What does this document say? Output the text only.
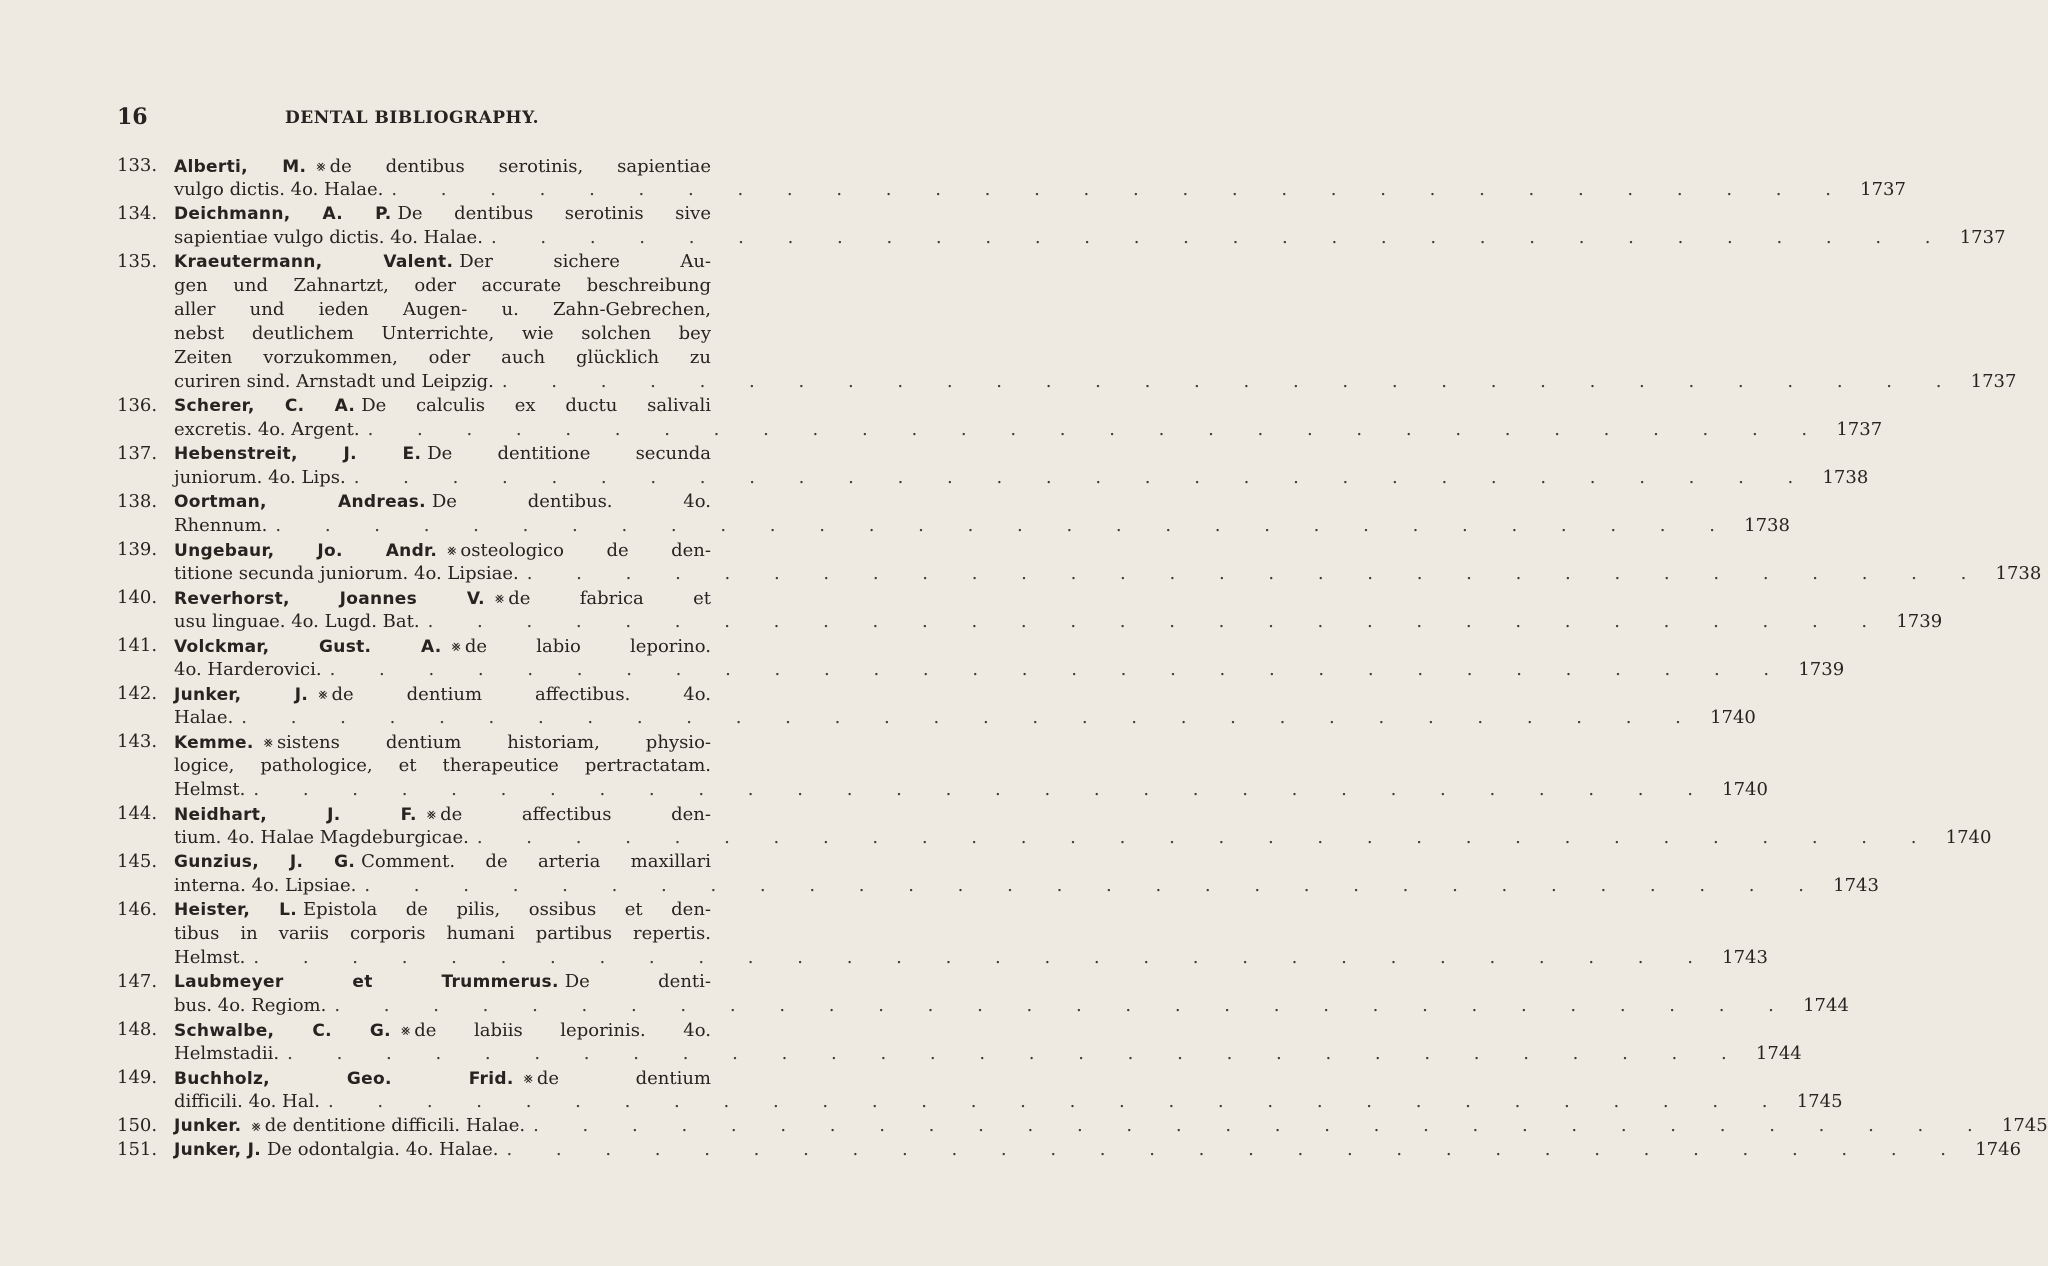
16	DENTAL BIBLIOGRAPHY.
133. Alberti, M. ⨳ de dentibus serotinis, sapientiae
vulgo dictis. 4o. Halae. . . . . . . . . . . . . . . . . . . . . . . . . . . . . . . 1737
134. Deichmann, A. P. De dentibus serotinis sive
sapientiae vulgo dictis. 4o. Halae. . . . . . . . . . . . . . . . . . . . . . . . . . . . . . . 1737
135. Kraeutermann, Valent. Der sichere Au-
gen und Zahnartzt, oder accurate beschreibung
aller und ieden Augen- u. Zahn-Gebrechen,
nebst deutlichem Unterrichte, wie solchen bey
Zeiten vorzukommen, oder auch glücklich zu
curiren sind. Arnstadt und Leipzig. . . . . . . . . . . . . . . . . . . . . . . . . . . . . . . 1737
136. Scherer, C. A. De calculis ex ductu salivali
excretis. 4o. Argent. . . . . . . . . . . . . . . . . . . . . . . . . . . . . . . 1737
137. Hebenstreit, J. E. De dentitione secunda
juniorum. 4o. Lips. . . . . . . . . . . . . . . . . . . . . . . . . . . . . . . 1738
138. Oortman, Andreas. De dentibus. 4o.
Rhennum. . . . . . . . . . . . . . . . . . . . . . . . . . . . . . . 1738
139. Ungebaur, Jo. Andr. ⨳ osteologico de den-
titione secunda juniorum. 4o. Lipsiae. . . . . . . . . . . . . . . . . . . . . . . . . . . . . . . 1738
140. Reverhorst, Joannes V. ⨳ de fabrica et
usu linguae. 4o. Lugd. Bat. . . . . . . . . . . . . . . . . . . . . . . . . . . . . . . 1739
141. Volckmar, Gust. A. ⨳ de labio leporino.
4o. Harderovici. . . . . . . . . . . . . . . . . . . . . . . . . . . . . . . 1739
142. Junker, J. ⨳ de dentium affectibus. 4o.
Halae. . . . . . . . . . . . . . . . . . . . . . . . . . . . . . . 1740
143. Kemme. ⨳ sistens dentium historiam, physio-
logice, pathologice, et therapeutice pertractatam.
Helmst. . . . . . . . . . . . . . . . . . . . . . . . . . . . . . . 1740
144. Neidhart, J. F. ⨳ de affectibus den-
tium. 4o. Halae Magdeburgicae. . . . . . . . . . . . . . . . . . . . . . . . . . . . . . . 1740
145. Gunzius, J. G. Comment. de arteria maxillari
interna. 4o. Lipsiae. . . . . . . . . . . . . . . . . . . . . . . . . . . . . . . 1743
146. Heister, L. Epistola de pilis, ossibus et den-
tibus in variis corporis humani partibus repertis.
Helmst. . . . . . . . . . . . . . . . . . . . . . . . . . . . . . . 1743
147. Laubmeyer et Trummerus. De denti-
bus. 4o. Regiom. . . . . . . . . . . . . . . . . . . . . . . . . . . . . . . 1744
148. Schwalbe, C. G. ⨳ de labiis leporinis. 4o.
Helmstadii. . . . . . . . . . . . . . . . . . . . . . . . . . . . . . . 1744
149. Buchholz, Geo. Frid. ⨳ de dentium
difficili. 4o. Hal. . . . . . . . . . . . . . . . . . . . . . . . . . . . . . . 1745
150. Junker. ⨳ de dentitione difficili. Halae. . . . . . . . . . . . . . . . . . . . . . . . . . . . . . . 1745
151. Junker, J. De odontalgia. 4o. Halae. . . . . . . . . . . . . . . . . . . . . . . . . . . . . . . 1746
